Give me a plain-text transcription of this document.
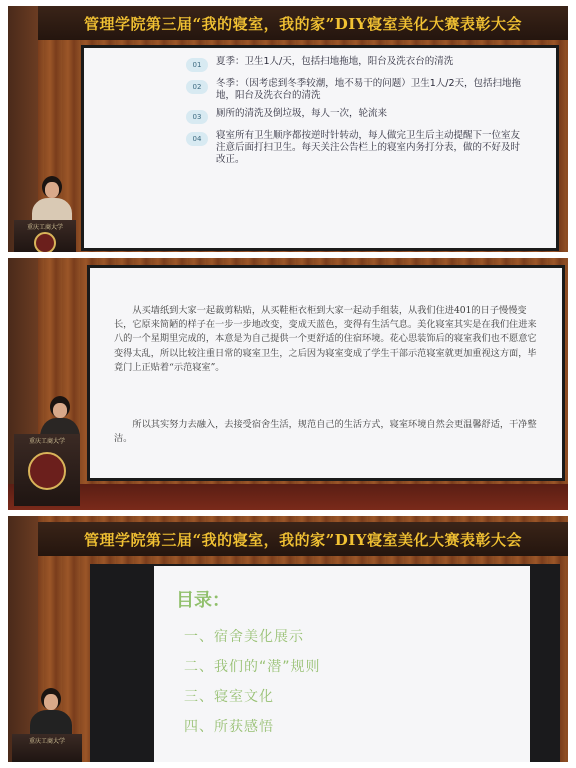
管理学院第三届“我的寝室，我的家”DIY寝室美化大赛表彰大会
01	夏季：卫生1人/天，包括扫地拖地，阳台及洗衣台的清洗
02	冬季：（因考虑到冬季较潮，地不易干的问题）卫生1人/2天，包括扫地拖地，阳台及洗衣台的清洗
03	厕所的清洗及倒垃圾，每人一次，轮流来
04	寝室所有卫生顺序都按逆时针转动，每人做完卫生后主动提醒下一位室友注意后面打扫卫生。每天关注公告栏上的寝室内务打分表，做的不好及时改正。
重庆工商大学
从买墙纸到大家一起裁剪粘贴，从买鞋柜衣柜到大家一起动手组装，从我们住进401的日子慢慢变长，它原来简陋的样子在一步一步地改变，变成天蓝色，变得有生活气息。美化寝室其实是在我们住进来八的一个星期里完成的，本意是为自己提供一个更舒适的住宿环境。花心思装饰后的寝室我们也不愿意它变得太乱，所以比较注重日常的寝室卫生，之后因为寝室变成了学生干部示范寝室就更加重视这方面，毕竟门上正贴着“示范寝室”。
所以其实努力去融入，去接受宿舍生活，规范自己的生活方式，寝室环境自然会更温馨舒适，干净整洁。
重庆工商大学
管理学院第三届“我的寝室，我的家”DIY寝室美化大赛表彰大会
目录：
一、宿舍美化展示
二、我们的“潜”规则
三、寝室文化
四、所获感悟
重庆工商大学
